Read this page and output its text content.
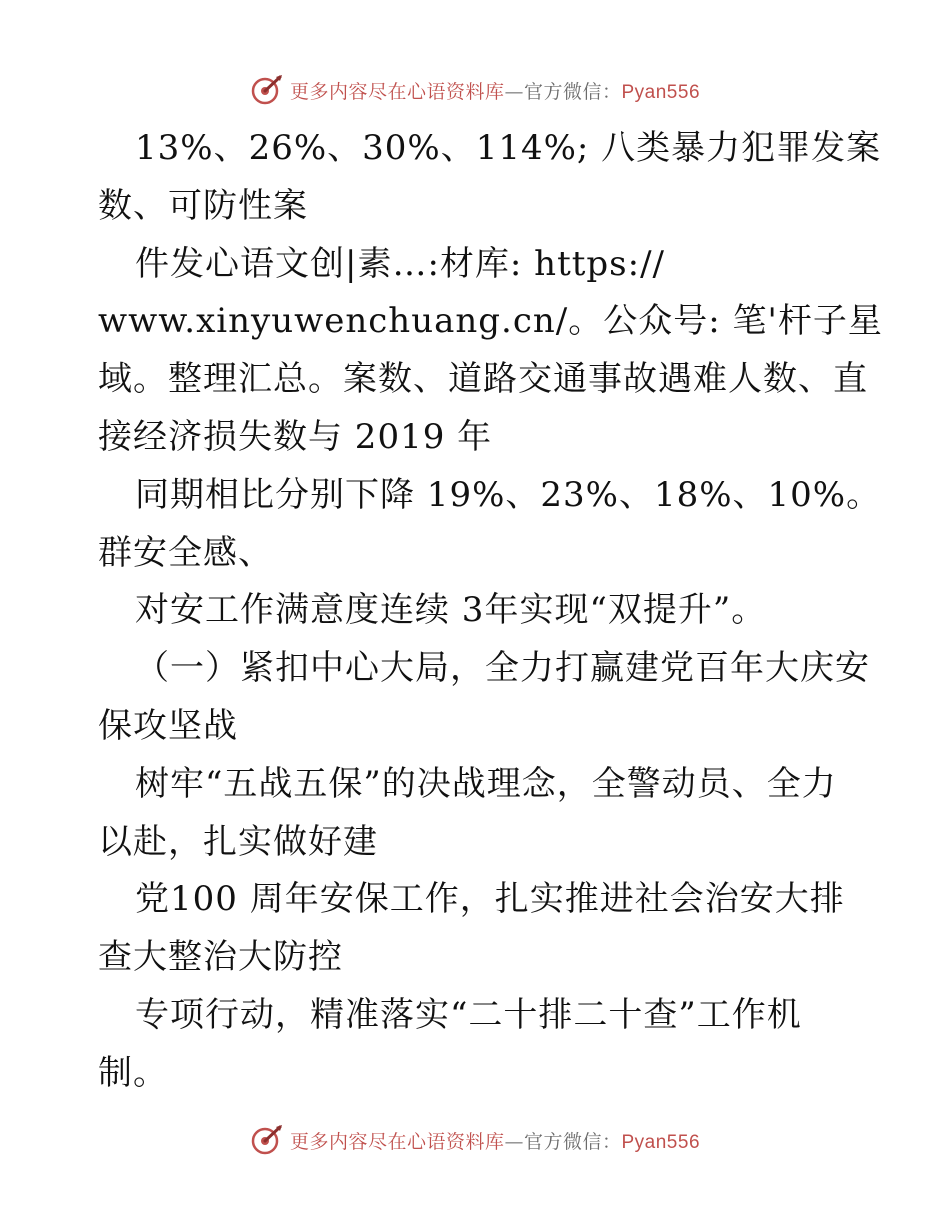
更多内容尽在心语资料库—官方微信：Pyan556
13%、26%、30%、114%; 八类暴力犯罪发案
数、可防性案
件发心语文创|素…:材库: https://
www.xinyuwenchuang.cn/。公众号: 笔'杆子星
域。整理汇总。案数、道路交通事故遇难人数、直
接经济损失数与 2019 年
同期相比分别下降 19%、23%、18%、10%。
群安全感、
对安工作满意度连续 3年实现“双提升”。
（一）紧扣中心大局，全力打赢建党百年大庆安
保攻坚战
树牢“五战五保”的决战理念，全警动员、全力
以赴，扎实做好建
党100 周年安保工作，扎实推进社会治安大排
查大整治大防控
专项行动，精准落实“二十排二十查”工作机
制。
更多内容尽在心语资料库—官方微信：Pyan556
